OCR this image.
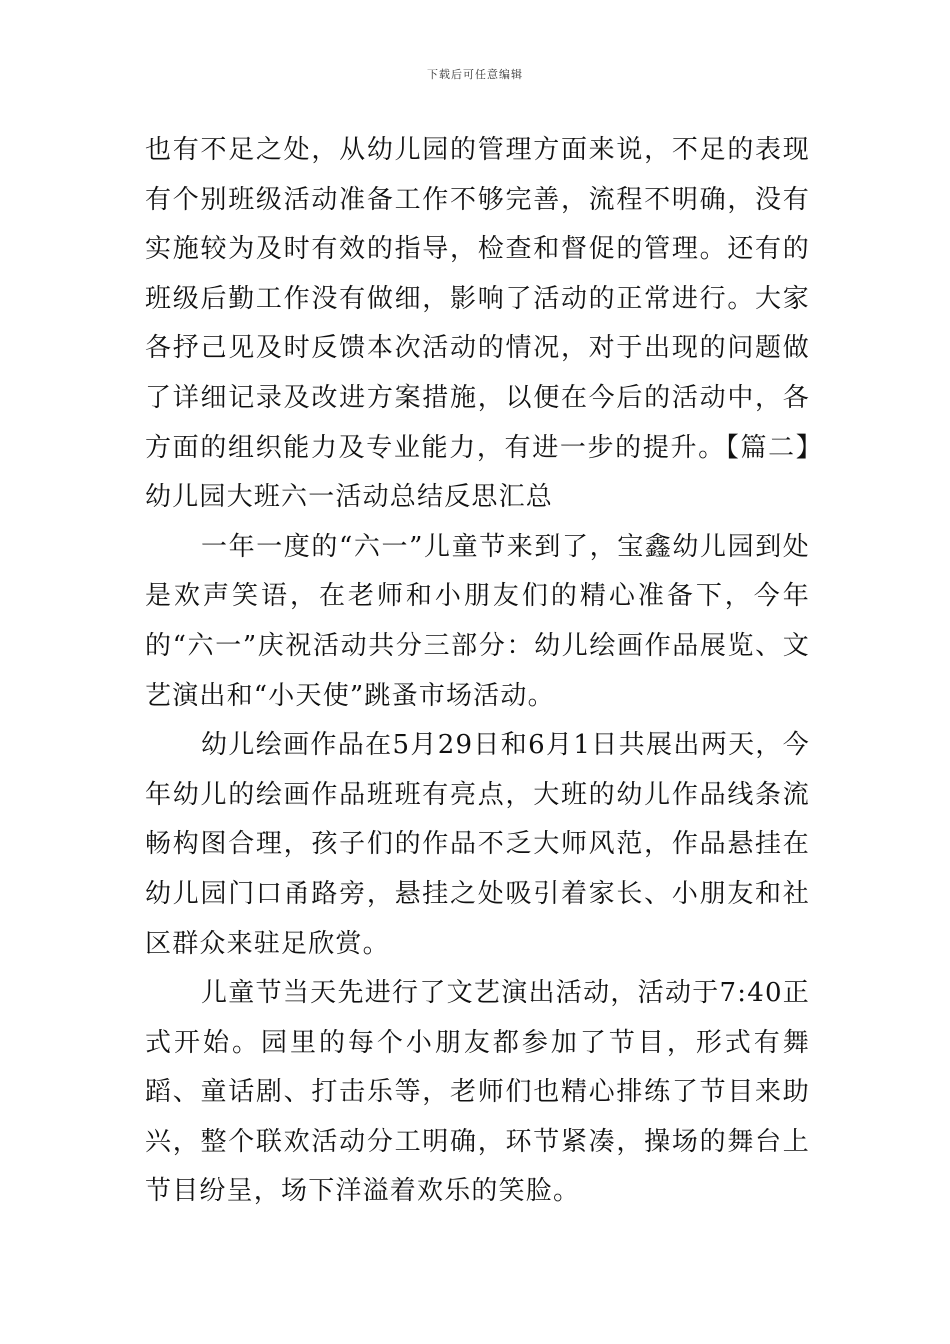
下载后可任意编辑

也有不足之处，从幼儿园的管理方面来说，不足的表现有个别班级活动准备工作不够完善，流程不明确，没有实施较为及时有效的指导，检查和督促的管理。还有的班级后勤工作没有做细，影响了活动的正常进行。大家各抒己见及时反馈本次活动的情况，对于出现的问题做了详细记录及改进方案措施，以便在今后的活动中，各方面的组织能力及专业能力，有进一步的提升。【篇二】幼儿园大班六一活动总结反思汇总

一年一度的“六一”儿童节来到了，宝鑫幼儿园到处是欢声笑语，在老师和小朋友们的精心准备下，今年的“六一”庆祝活动共分三部分：幼儿绘画作品展览、文艺演出和“小天使”跳蚤市场活动。

幼儿绘画作品在5月29日和6月1日共展出两天，今年幼儿的绘画作品班班有亮点，大班的幼儿作品线条流畅构图合理，孩子们的作品不乏大师风范，作品悬挂在幼儿园门口甬路旁，悬挂之处吸引着家长、小朋友和社区群众来驻足欣赏。

儿童节当天先进行了文艺演出活动，活动于7:40正式开始。园里的每个小朋友都参加了节目，形式有舞蹈、童话剧、打击乐等，老师们也精心排练了节目来助兴，整个联欢活动分工明确，环节紧凑，操场的舞台上节目纷呈，场下洋溢着欢乐的笑脸。
